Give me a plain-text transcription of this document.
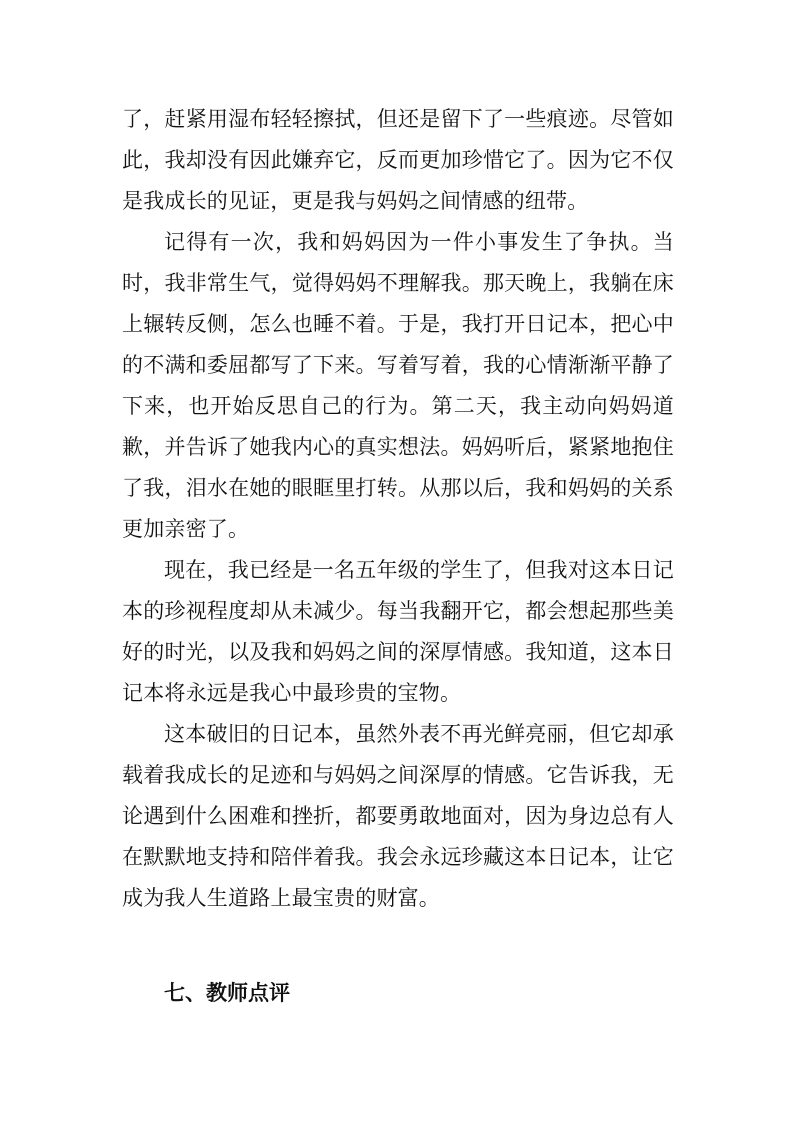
了，赶紧用湿布轻轻擦拭，但还是留下了一些痕迹。尽管如此，我却没有因此嫌弃它，反而更加珍惜它了。因为它不仅是我成长的见证，更是我与妈妈之间情感的纽带。

记得有一次，我和妈妈因为一件小事发生了争执。当时，我非常生气，觉得妈妈不理解我。那天晚上，我躺在床上辗转反侧，怎么也睡不着。于是，我打开日记本，把心中的不满和委屈都写了下来。写着写着，我的心情渐渐平静了下来，也开始反思自己的行为。第二天，我主动向妈妈道歉，并告诉了她我内心的真实想法。妈妈听后，紧紧地抱住了我，泪水在她的眼眶里打转。从那以后，我和妈妈的关系更加亲密了。

现在，我已经是一名五年级的学生了，但我对这本日记本的珍视程度却从未减少。每当我翻开它，都会想起那些美好的时光，以及我和妈妈之间的深厚情感。我知道，这本日记本将永远是我心中最珍贵的宝物。

这本破旧的日记本，虽然外表不再光鲜亮丽，但它却承载着我成长的足迹和与妈妈之间深厚的情感。它告诉我，无论遇到什么困难和挫折，都要勇敢地面对，因为身边总有人在默默地支持和陪伴着我。我会永远珍藏这本日记本，让它成为我人生道路上最宝贵的财富。

七、教师点评
